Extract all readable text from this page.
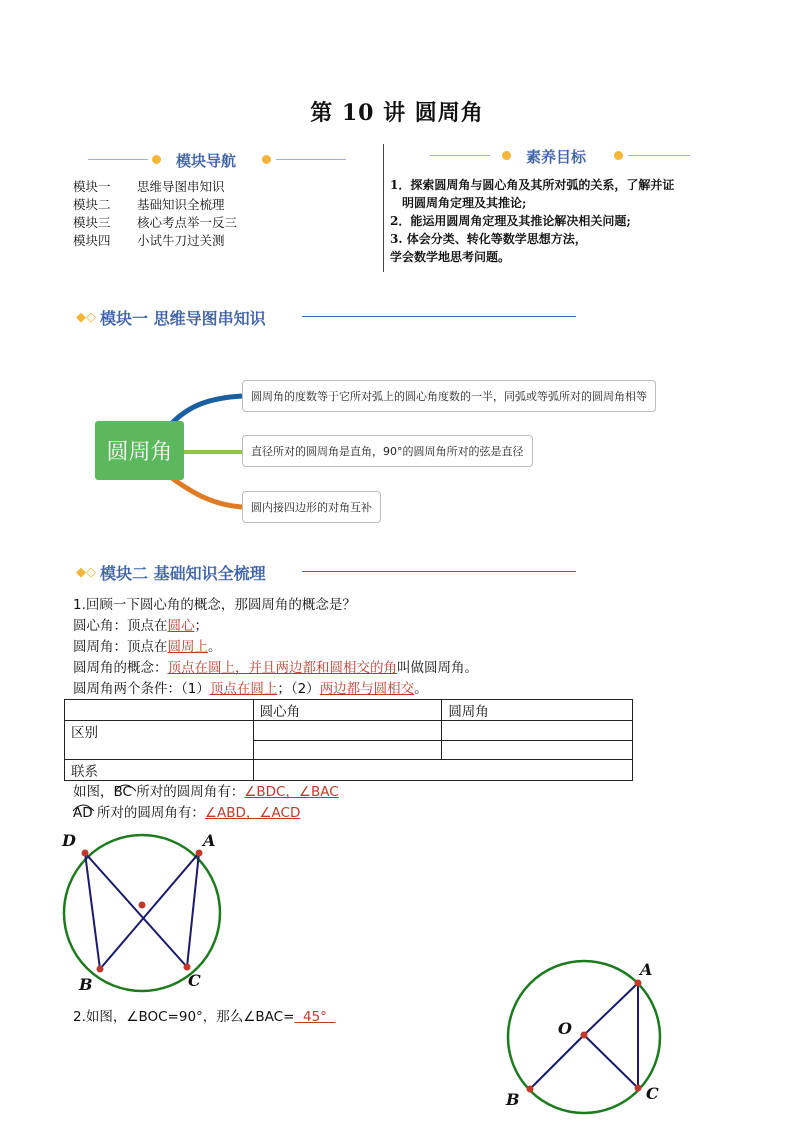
第 10 讲 圆周角
模块导航
模块一 思维导图串知识
模块二 基础知识全梳理
模块三 核心考点举一反三
模块四 小试牛刀过关测
素养目标
1．探索圆周角与圆心角及其所对弧的关系，了解并证
明圆周角定理及其推论;
2．能运用圆周角定理及其推论解决相关问题;
3. 体会分类、转化等数学思想方法，
学会数学地思考问题。
◆◇ 模块一 思维导图串知识
圆周角
圆周角的度数等于它所对弧上的圆心角度数的一半，同弧或等弧所对的圆周角相等
直径所对的圆周角是直角，90°的圆周角所对的弦是直径
圆内接四边形的对角互补
◆◇ 模块二 基础知识全梳理
1.回顾一下圆心角的概念，那圆周角的概念是？
圆心角：顶点在圆心；
圆周角：顶点在圆周上。
圆周角的概念：顶点在圆上，并且两边都和圆相交的角叫做圆周角。
圆周角两个条件：（1）顶点在圆上；（2）两边都与圆相交。
	圆心角	圆周角
区别		

联系		
如图，BC 所对的圆周角有：∠BDC，∠BAC
AD 所对的圆周角有：∠ABD，∠ACD
D	A
B	C
2.如图，∠BOC=90°，那么∠BAC=  45°
A
O
B	C
